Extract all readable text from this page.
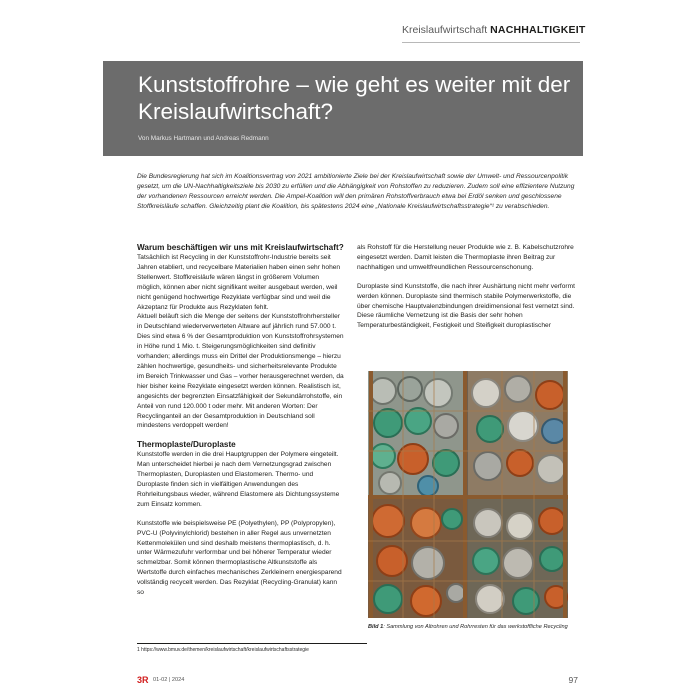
Kreislaufwirtschaft NACHHALTIGKEIT
Kunststoffrohre – wie geht es weiter mit der Kreislaufwirtschaft?
Von Markus Hartmann und Andreas Redmann
Die Bundesregierung hat sich im Koalitionsvertrag von 2021 ambitionierte Ziele bei der Kreislaufwirtschaft sowie der Umwelt- und Ressourcenpolitik gesetzt, um die UN-Nachhaltigkeitsziele bis 2030 zu erfüllen und die Abhängigkeit von Rohstoffen zu reduzieren. Zudem soll eine effizientere Nutzung der vorhandenen Ressourcen erreicht werden. Die Ampel-Koalition will den primären Rohstoffverbrauch etwa bei Erdöl senken und geschlossene Stoffkreisläufe schaffen. Gleichzeitig plant die Koalition, bis spätestens 2024 eine „Nationale Kreislaufwirtschaftsstrategie“¹ zu verabschieden.
Warum beschäftigen wir uns mit Kreislaufwirtschaft?

Tatsächlich ist Recycling in der Kunststoffrohr-Industrie bereits seit Jahren etabliert, und recycelbare Materialien haben einen sehr hohen Stellenwert. Stoffkreisläufe wären längst in größerem Volumen möglich, können aber nicht signifikant weiter ausgebaut werden, weil nicht genügend hochwertige Rezyklate verfügbar sind und weil die Akzeptanz für Produkte aus Rezyklaten fehlt.

Aktuell beläuft sich die Menge der seitens der Kunststoffrohrhersteller in Deutschland wiederverwerteten Altware auf jährlich rund 57.000 t. Dies sind etwa 6 % der Gesamtproduktion von Kunststoffrohrsystemen in Höhe rund 1 Mio. t. Steigerungsmöglichkeiten sind definitiv vorhanden; allerdings muss ein Drittel der Produktionsmenge – hierzu zählen hochwertige, gesundheits- und sicherheitsrelevante Produkte im Bereich Trinkwasser und Gas – vorher herausgerechnet werden, da hier bisher keine Rezyklate eingesetzt werden können. Realistisch ist, angesichts der begrenzten Einsatzfähigkeit der Sekundärrohstoffe, ein Anteil von rund 120.000 t oder mehr. Mit anderen Worten: Der Recyclinganteil an der Gesamtproduktion in Deutschland soll mindestens verdoppelt werden!

Thermoplaste/Duroplaste

Kunststoffe werden in die drei Hauptgruppen der Polymere eingeteilt. Man unterscheidet hierbei je nach dem Vernetzungsgrad zwischen Thermoplasten, Duroplasten und Elastomeren. Thermo- und Duroplaste finden sich in vielfältigen Anwendungen des Rohrleitungsbaus wieder, während Elastomere als Dichtungssysteme zum Einsatz kommen.

Kunststoffe wie beispielsweise PE (Polyethylen), PP (Polypropylen), PVC-U (Polyvinylchlorid) bestehen in aller Regel aus unvernetzten Kettenmolekülen und sind deshalb meistens thermoplastisch, d. h. unter Wärmezufuhr verformbar und bei höherer Temperatur wieder schmelzbar. Somit können thermoplastische Altkunststoffe als Wertstoffe durch einfaches mechanisches Zerkleinern energiesparend vollständig recycelt werden. Das Rezyklat (Recycling-Granulat) kann so

als Rohstoff für die Herstellung neuer Produkte wie z. B. Kabelschutzrohre eingesetzt werden. Damit leisten die Thermoplaste ihren Beitrag zur nachhaltigen und umweltfreundlichen Ressourcenschonung.

Duroplaste sind Kunststoffe, die nach ihrer Aushärtung nicht mehr verformt werden können. Duroplaste sind thermisch stabile Polymerwerkstoffe, die über chemische Hauptvalenzbindungen dreidimensional fest vernetzt sind. Diese räumliche Vernetzung ist die Basis der sehr hohen Temperaturbeständigkeit, Festigkeit und Steifigkeit duroplastischer

Bild 1: Sammlung von Altrohren und Rohrresten für das werkstoffliche Recycling
1 https://www.bmuv.de/themen/kreislaufwirtschaft/kreislaufwirtschaftsstrategie
3R 01-02 | 2024	97
